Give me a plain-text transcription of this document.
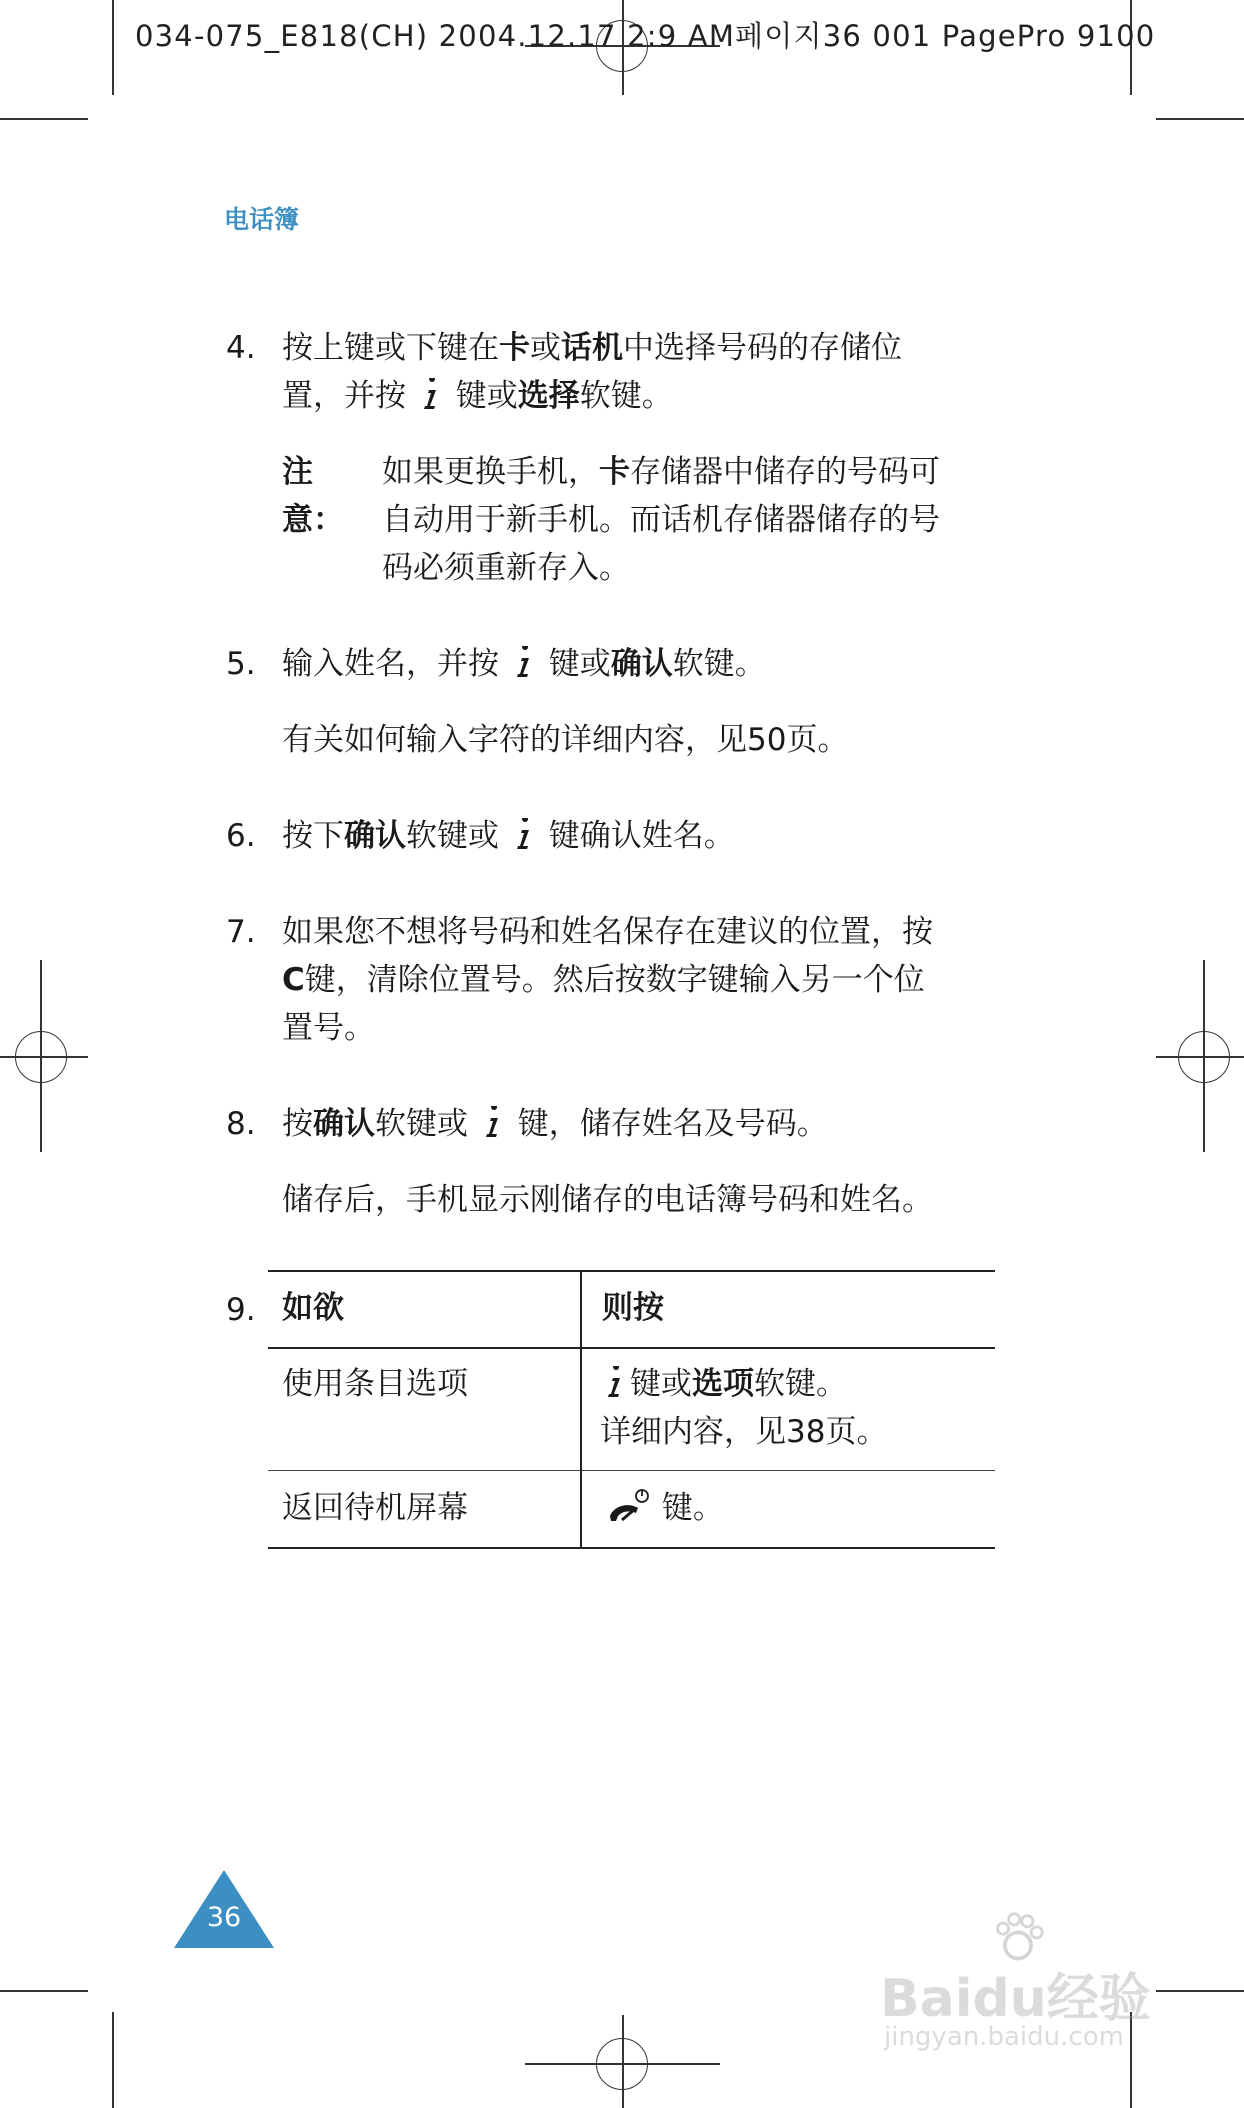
034-075_E818(CH) 2004.12.17 2:9 AM페이지36 001 PagePro 9100
电话簿
4. 按上键或下键在卡或话机中选择号码的存储位
置，并按 键或选择软键。
注意：
如果更换手机，卡存储器中储存的号码可
自动用于新手机。而话机存储器储存的号
码必须重新存入。
5. 输入姓名，并按 键或确认软键。
有关如何输入字符的详细内容，见50页。
6. 按下确认软键或 键确认姓名。
7. 如果您不想将号码和姓名保存在建议的位置，按
C键，清除位置号。然后按数字键输入另一个位
置号。
8. 按确认软键或 键，储存姓名及号码。
储存后，手机显示刚储存的电话簿号码和姓名。
9. 如欲	则按
使用条目选项	键或选项软键。
详细内容，见38页。
返回待机屏幕	键。
36
Baidu经验
jingyan.baidu.com
